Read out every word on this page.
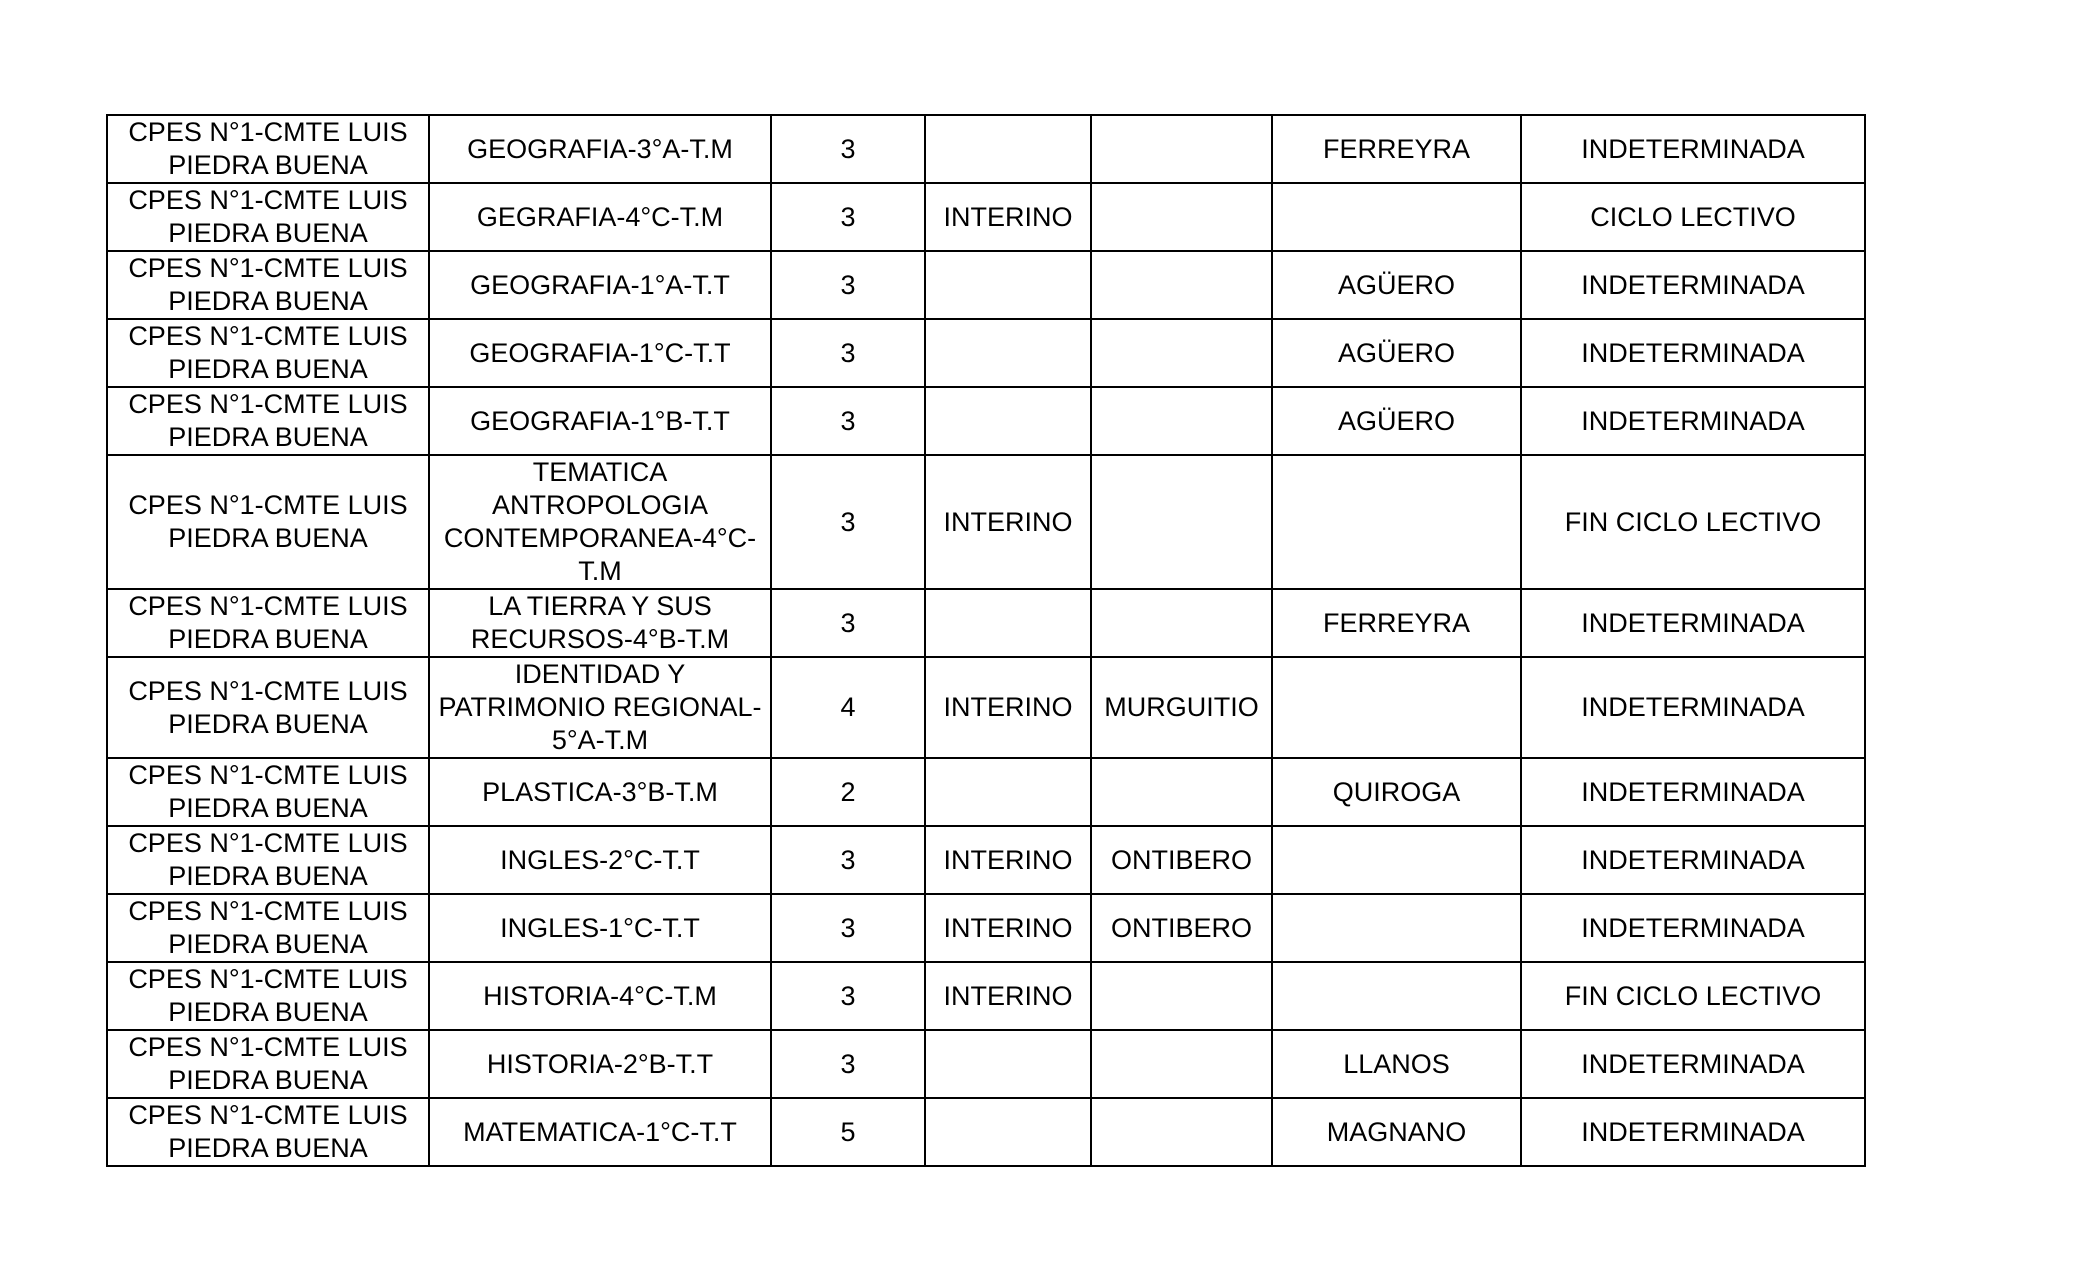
CPES N°1-CMTE LUIS PIEDRA BUENA	GEOGRAFIA-3°A-T.M	3			FERREYRA	INDETERMINADA
CPES N°1-CMTE LUIS PIEDRA BUENA	GEGRAFIA-4°C-T.M	3	INTERINO			CICLO LECTIVO
CPES N°1-CMTE LUIS PIEDRA BUENA	GEOGRAFIA-1°A-T.T	3			AGÜERO	INDETERMINADA
CPES N°1-CMTE LUIS PIEDRA BUENA	GEOGRAFIA-1°C-T.T	3			AGÜERO	INDETERMINADA
CPES N°1-CMTE LUIS PIEDRA BUENA	GEOGRAFIA-1°B-T.T	3			AGÜERO	INDETERMINADA
CPES N°1-CMTE LUIS PIEDRA BUENA	TEMATICA ANTROPOLOGIA CONTEMPORANEA-4°C-T.M	3	INTERINO			FIN CICLO LECTIVO
CPES N°1-CMTE LUIS PIEDRA BUENA	LA TIERRA Y SUS RECURSOS-4°B-T.M	3			FERREYRA	INDETERMINADA
CPES N°1-CMTE LUIS PIEDRA BUENA	IDENTIDAD Y PATRIMONIO REGIONAL-5°A-T.M	4	INTERINO	MURGUITIO		INDETERMINADA
CPES N°1-CMTE LUIS PIEDRA BUENA	PLASTICA-3°B-T.M	2			QUIROGA	INDETERMINADA
CPES N°1-CMTE LUIS PIEDRA BUENA	INGLES-2°C-T.T	3	INTERINO	ONTIBERO		INDETERMINADA
CPES N°1-CMTE LUIS PIEDRA BUENA	INGLES-1°C-T.T	3	INTERINO	ONTIBERO		INDETERMINADA
CPES N°1-CMTE LUIS PIEDRA BUENA	HISTORIA-4°C-T.M	3	INTERINO			FIN CICLO LECTIVO
CPES N°1-CMTE LUIS PIEDRA BUENA	HISTORIA-2°B-T.T	3			LLANOS	INDETERMINADA
CPES N°1-CMTE LUIS PIEDRA BUENA	MATEMATICA-1°C-T.T	5			MAGNANO	INDETERMINADA
